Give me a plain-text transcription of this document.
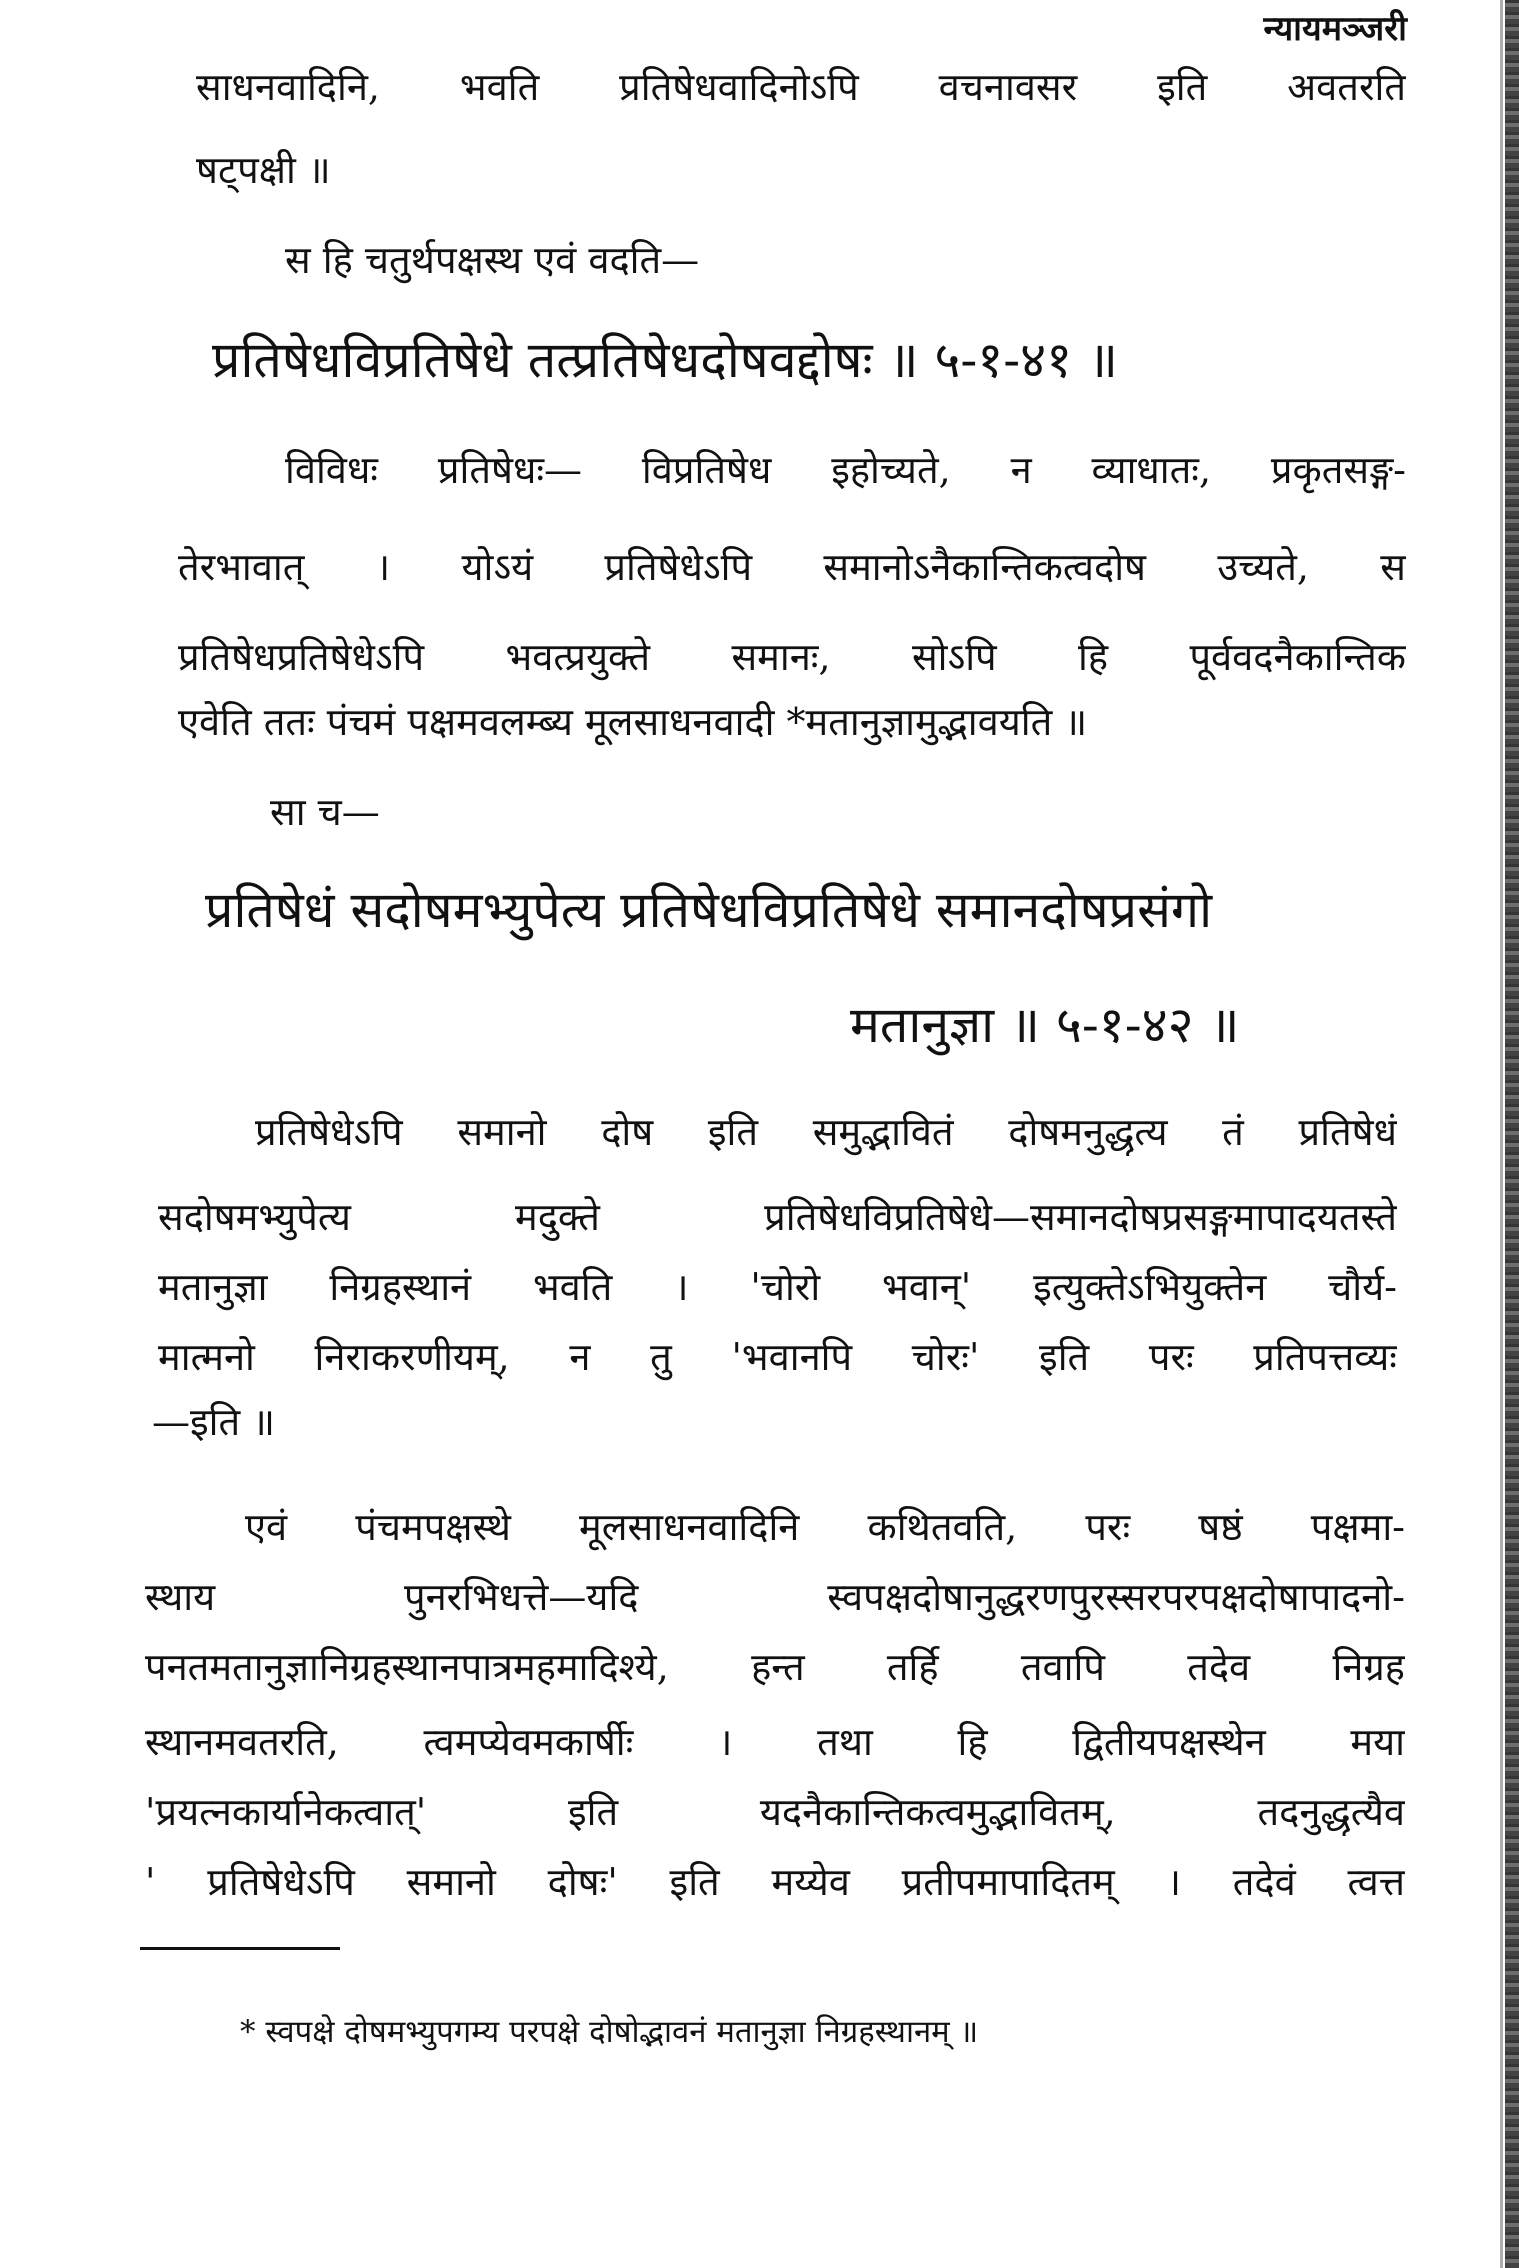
न्यायमञ्जरी
साधनवादिनि, भवति प्रतिषेधवादिनोऽपि वचनावसर इति अवतरति
षट्पक्षी ॥
स हि चतुर्थपक्षस्थ एवं वदति—
प्रतिषेधविप्रतिषेधे तत्प्रतिषेधदोषवद्दोषः ॥ ५-१-४१ ॥
विविधः प्रतिषेधः— विप्रतिषेध इहोच्यते, न व्याधातः, प्रकृतसङ्ग-
तेरभावात् । योऽयं प्रतिषेधेऽपि समानोऽनैकान्तिकत्वदोष उच्यते, स
प्रतिषेधप्रतिषेधेऽपि भवत्प्रयुक्ते समानः, सोऽपि हि पूर्ववदनैकान्तिक
एवेति ततः पंचमं पक्षमवलम्ब्य मूलसाधनवादी *मतानुज्ञामुद्भावयति ॥
सा च—
प्रतिषेधं सदोषमभ्युपेत्य प्रतिषेधविप्रतिषेधे समानदोषप्रसंगो
मतानुज्ञा ॥ ५-१-४२ ॥
प्रतिषेधेऽपि समानो दोष इति समुद्भावितं दोषमनुद्धृत्य तं प्रतिषेधं
सदोषमभ्युपेत्य मदुक्ते प्रतिषेधविप्रतिषेधे—समानदोषप्रसङ्गमापादयतस्ते
मतानुज्ञा निग्रहस्थानं भवति । 'चोरो भवान्' इत्युक्तेऽभियुक्तेन चौर्य-
मात्मनो निराकरणीयम्, न तु 'भवानपि चोरः' इति परः प्रतिपत्तव्यः
—इति ॥
एवं पंचमपक्षस्थे मूलसाधनवादिनि कथितवति, परः षष्ठं पक्षमा-
स्थाय पुनरभिधत्ते—यदि स्वपक्षदोषानुद्धरणपुरस्सरपरपक्षदोषापादनो-
पनतमतानुज्ञानिग्रहस्थानपात्रमहमादिश्ये, हन्त तर्हि तवापि तदेव निग्रह
स्थानमवतरति, त्वमप्येवमकार्षीः । तथा हि द्वितीयपक्षस्थेन मया
'प्रयत्नकार्यानेकत्वात्' इति यदनैकान्तिकत्वमुद्भावितम्, तदनुद्धृत्यैव
' प्रतिषेधेऽपि समानो दोषः' इति मय्येव प्रतीपमापादितम् । तदेवं त्वत्त
* स्वपक्षे दोषमभ्युपगम्य परपक्षे दोषोद्भावनं मतानुज्ञा निग्रहस्थानम् ॥
